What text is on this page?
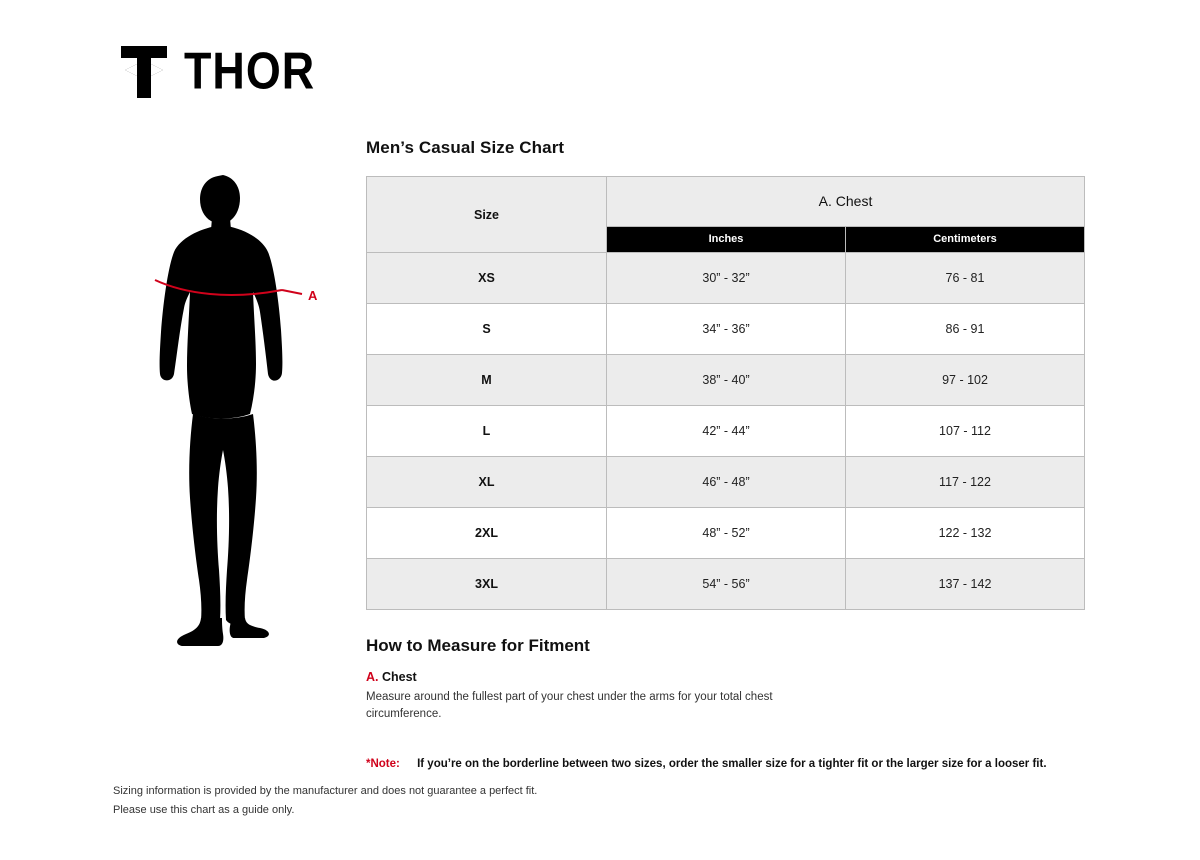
THOR
A
Men’s Casual Size Chart
Size	A. Chest	
	Inches	Centimeters
XS	30” - 32”	76 - 81
S	34” - 36”	86 - 91
M	38” - 40”	97 - 102
L	42” - 44”	107 - 112
XL	46” - 48”	117 - 122
2XL	48” - 52”	122 - 132
3XL	54” - 56”	137 - 142
How to Measure for Fitment
A. Chest
Measure around the fullest part of your chest under the arms for your total chest circumference.
*Note: If you’re on the borderline between two sizes, order the smaller size for a tighter fit or the larger size for a looser fit.
Sizing information is provided by the manufacturer and does not guarantee a perfect fit.
Please use this chart as a guide only.
